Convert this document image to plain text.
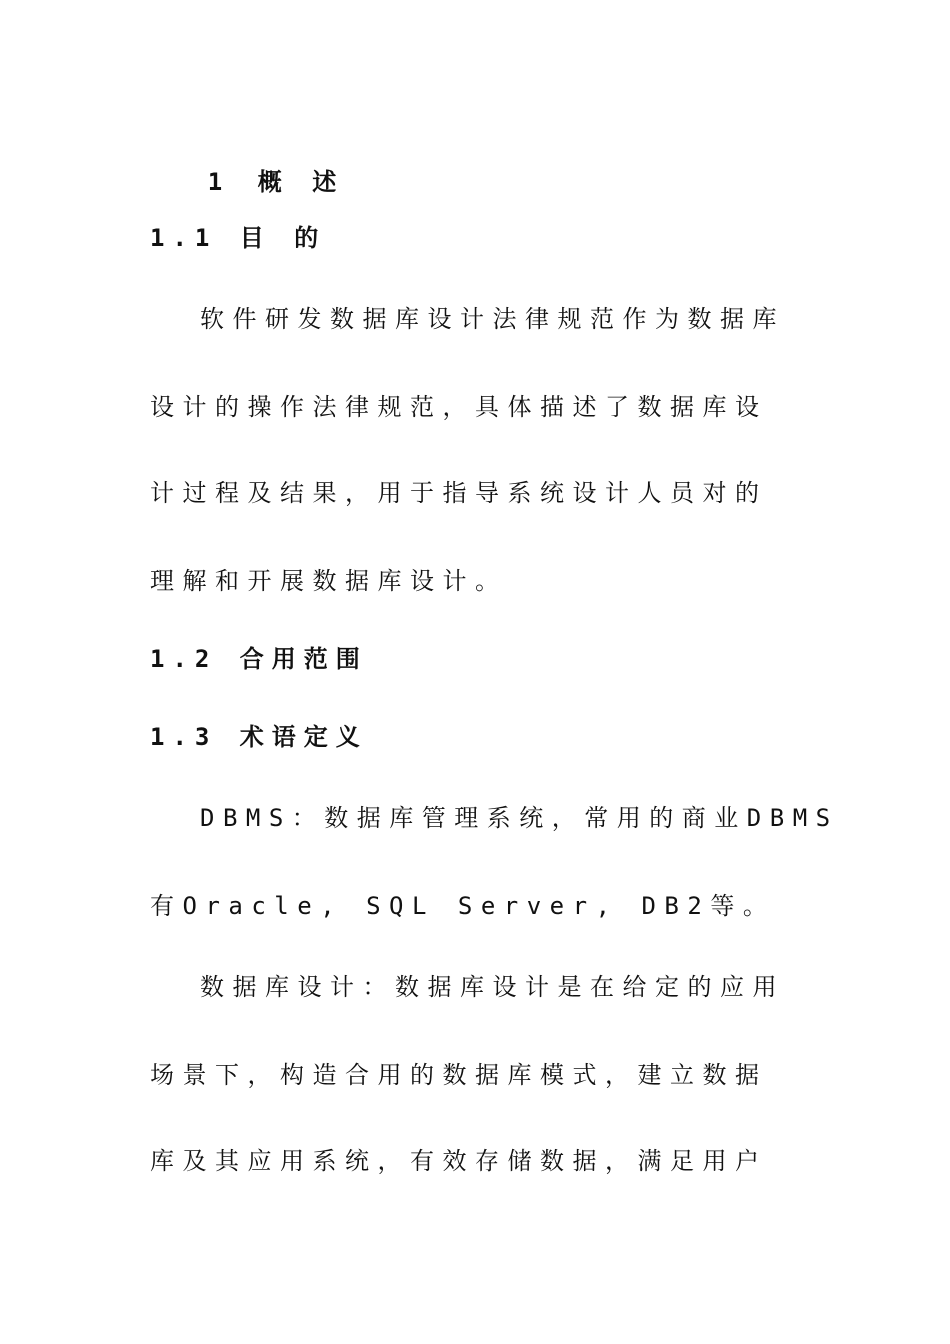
1 概 述

1.1 目 的
软件研发数据库设计法律规范作为数据库
设计的操作法律规范，具体描述了数据库设
计过程及结果，用于指导系统设计人员对的
理解和开展数据库设计。
1.2 合用范围
1.3 术语定义
DBMS：数据库管理系统，常用的商业DBMS
有Oracle, SQL Server, DB2等。
数据库设计：数据库设计是在给定的应用
场景下，构造合用的数据库模式，建立数据
库及其应用系统，有效存储数据，满足用户
